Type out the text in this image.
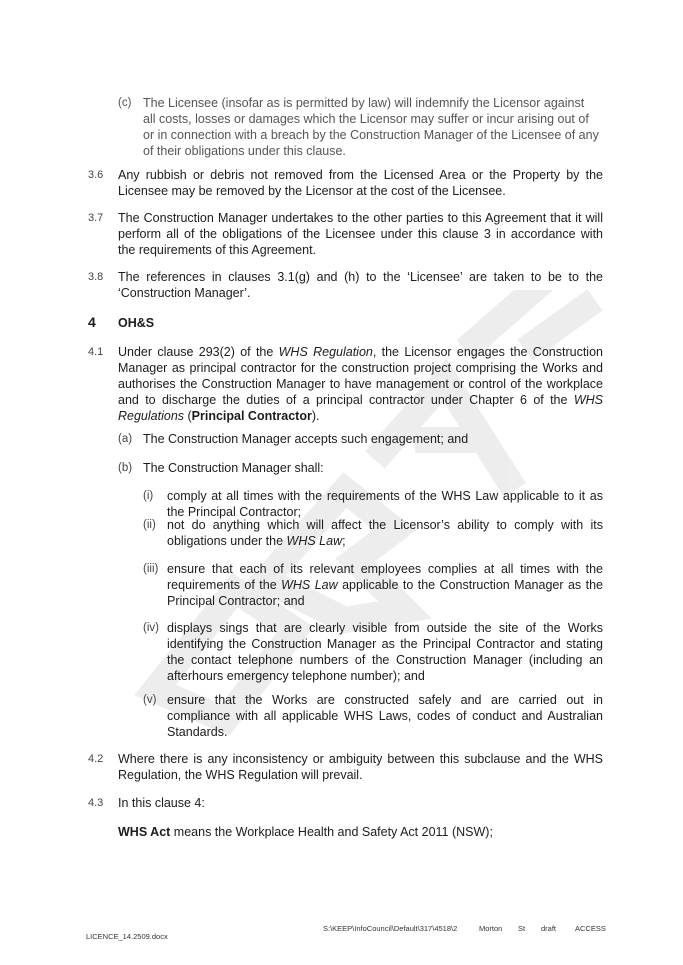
(c) The Licensee (insofar as is permitted by law) will indemnify the Licensor against
all costs, losses or damages which the Licensor may suffer or incur arising out of
or in connection with a breach by the Construction Manager of the Licensee of any
of their obligations under this clause.
3.6 Any rubbish or debris not removed from the Licensed Area or the Property by the
Licensee may be removed by the Licensor at the cost of the Licensee.
3.7 The Construction Manager undertakes to the other parties to this Agreement that it will
perform all of the obligations of the Licensee under this clause 3 in accordance with
the requirements of this Agreement.
3.8 The references in clauses 3.1(g) and (h) to the ‘Licensee’ are taken to be to the
‘Construction Manager’.
4 OH&S
4.1 Under clause 293(2) of the WHS Regulation, the Licensor engages the Construction
Manager as principal contractor for the construction project comprising the Works and
authorises the Construction Manager to have management or control of the workplace
and to discharge the duties of a principal contractor under Chapter 6 of the WHS
Regulations (Principal Contractor).
(a) The Construction Manager accepts such engagement; and
(b) The Construction Manager shall:
(i) comply at all times with the requirements of the WHS Law applicable to it as
the Principal Contractor;
(ii) not do anything which will affect the Licensor’s ability to comply with its
obligations under the WHS Law;
(iii) ensure that each of its relevant employees complies at all times with the
requirements of the WHS Law applicable to the Construction Manager as the
Principal Contractor; and
(iv) displays sings that are clearly visible from outside the site of the Works
identifying the Construction Manager as the Principal Contractor and stating
the contact telephone numbers of the Construction Manager (including an
afterhours emergency telephone number); and
(v) ensure that the Works are constructed safely and are carried out in
compliance with all applicable WHS Laws, codes of conduct and Australian
Standards.
4.2 Where there is any inconsistency or ambiguity between this subclause and the WHS
Regulation, the WHS Regulation will prevail.
4.3 In this clause 4:
WHS Act means the Workplace Health and Safety Act 2011 (NSW);
S:\KEEP\InfoCouncil\Default\317\4518\2	Morton St draft	ACCESS
LICENCE_14.2509.docx
